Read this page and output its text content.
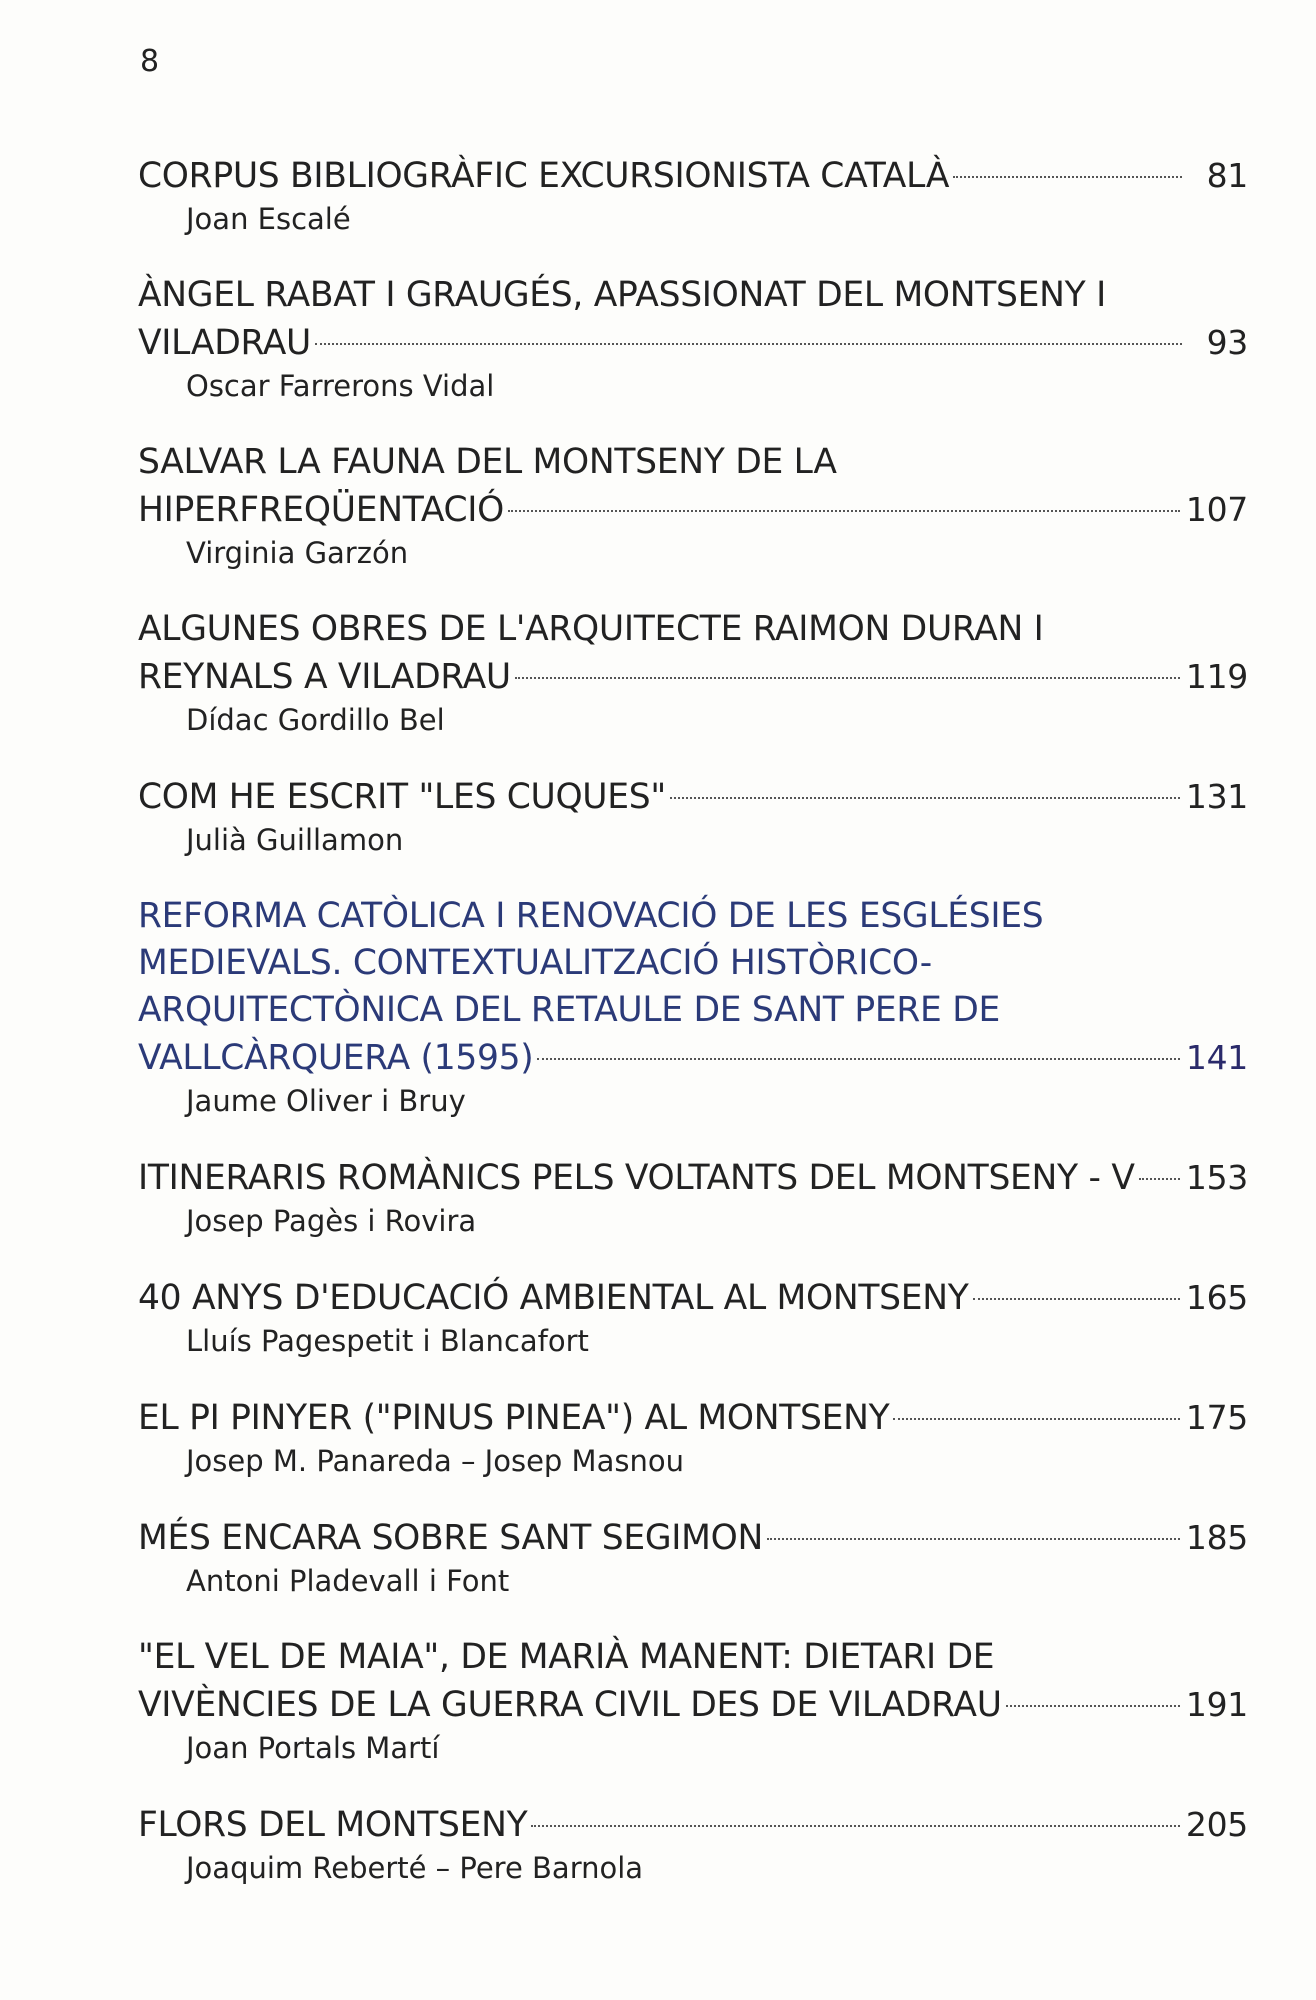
8
CORPUS BIBLIOGRÀFIC EXCURSIONISTA CATALÀ	81
Joan Escalé
ÀNGEL RABAT I GRAUGÉS, APASSIONAT DEL MONTSENY I
VILADRAU	93
Oscar Farrerons Vidal
SALVAR LA FAUNA DEL MONTSENY DE LA
HIPERFREQÜENTACIÓ	107
Virginia Garzón
ALGUNES OBRES DE L'ARQUITECTE RAIMON DURAN I
REYNALS A VILADRAU	119
Dídac Gordillo Bel
COM HE ESCRIT "LES CUQUES"	131
Julià Guillamon
REFORMA CATÒLICA I RENOVACIÓ DE LES ESGLÉSIES
MEDIEVALS. CONTEXTUALITZACIÓ HISTÒRICO-
ARQUITECTÒNICA DEL RETAULE DE SANT PERE DE
VALLCÀRQUERA (1595)	141
Jaume Oliver i Bruy
ITINERARIS ROMÀNICS PELS VOLTANTS DEL MONTSENY - V 153
Josep Pagès i Rovira
40 ANYS D'EDUCACIÓ AMBIENTAL AL MONTSENY	165
Lluís Pagespetit i Blancafort
EL PI PINYER ("PINUS PINEA") AL MONTSENY	175
Josep M. Panareda – Josep Masnou
MÉS ENCARA SOBRE SANT SEGIMON	185
Antoni Pladevall i Font
"EL VEL DE MAIA", DE MARIÀ MANENT: DIETARI DE
VIVÈNCIES DE LA GUERRA CIVIL DES DE VILADRAU	191
Joan Portals Martí
FLORS DEL MONTSENY	205
Joaquim Reberté – Pere Barnola
